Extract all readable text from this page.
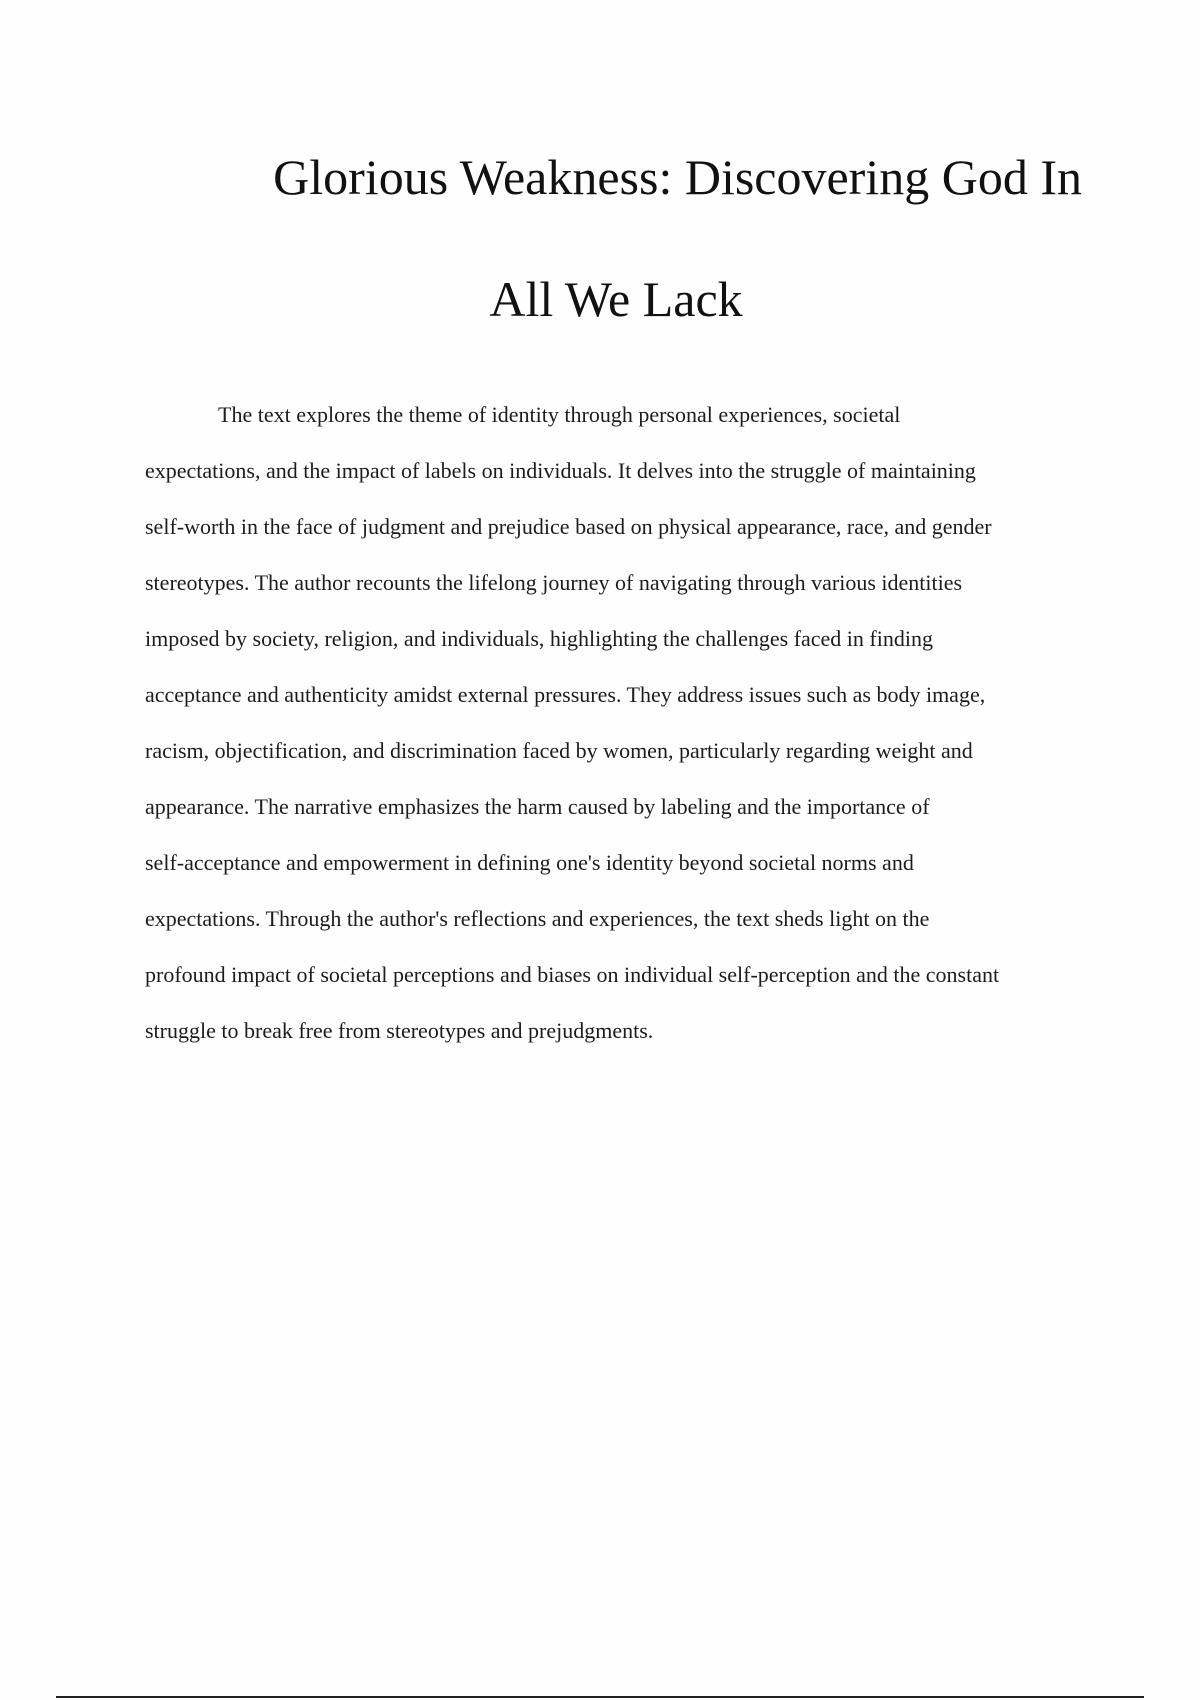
Glorious Weakness: Discovering God In
All We Lack
The text explores the theme of identity through personal experiences, societal
expectations, and the impact of labels on individuals. It delves into the struggle of maintaining
self-worth in the face of judgment and prejudice based on physical appearance, race, and gender
stereotypes. The author recounts the lifelong journey of navigating through various identities
imposed by society, religion, and individuals, highlighting the challenges faced in finding
acceptance and authenticity amidst external pressures. They address issues such as body image,
racism, objectification, and discrimination faced by women, particularly regarding weight and
appearance. The narrative emphasizes the harm caused by labeling and the importance of
self-acceptance and empowerment in defining one's identity beyond societal norms and
expectations. Through the author's reflections and experiences, the text sheds light on the
profound impact of societal perceptions and biases on individual self-perception and the constant
struggle to break free from stereotypes and prejudgments.
